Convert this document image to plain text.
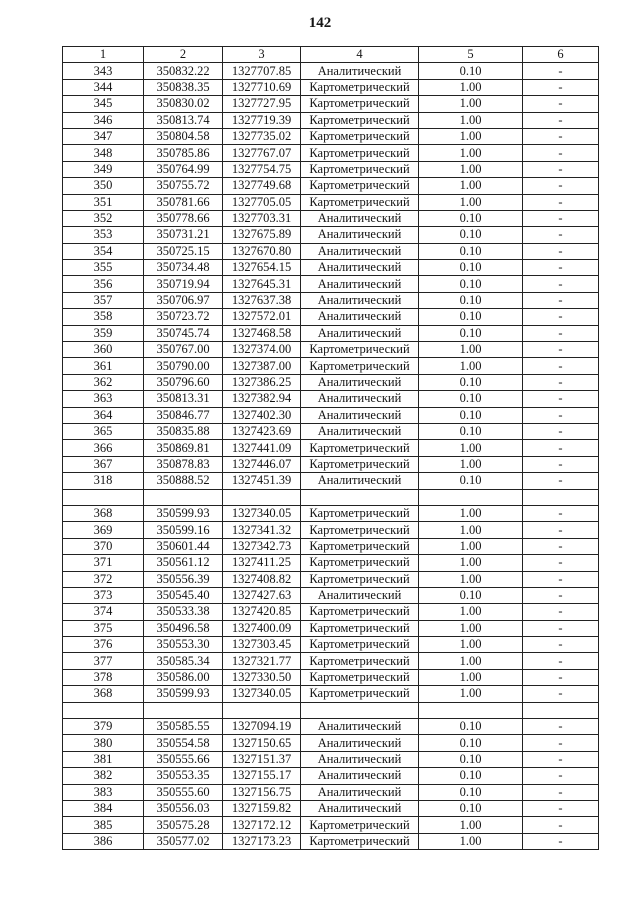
142
1	2	3	4	5	6
343	350832.22	1327707.85	Аналитический	0.10	-
344	350838.35	1327710.69	Картометрический	1.00	-
345	350830.02	1327727.95	Картометрический	1.00	-
346	350813.74	1327719.39	Картометрический	1.00	-
347	350804.58	1327735.02	Картометрический	1.00	-
348	350785.86	1327767.07	Картометрический	1.00	-
349	350764.99	1327754.75	Картометрический	1.00	-
350	350755.72	1327749.68	Картометрический	1.00	-
351	350781.66	1327705.05	Картометрический	1.00	-
352	350778.66	1327703.31	Аналитический	0.10	-
353	350731.21	1327675.89	Аналитический	0.10	-
354	350725.15	1327670.80	Аналитический	0.10	-
355	350734.48	1327654.15	Аналитический	0.10	-
356	350719.94	1327645.31	Аналитический	0.10	-
357	350706.97	1327637.38	Аналитический	0.10	-
358	350723.72	1327572.01	Аналитический	0.10	-
359	350745.74	1327468.58	Аналитический	0.10	-
360	350767.00	1327374.00	Картометрический	1.00	-
361	350790.00	1327387.00	Картометрический	1.00	-
362	350796.60	1327386.25	Аналитический	0.10	-
363	350813.31	1327382.94	Аналитический	0.10	-
364	350846.77	1327402.30	Аналитический	0.10	-
365	350835.88	1327423.69	Аналитический	0.10	-
366	350869.81	1327441.09	Картометрический	1.00	-
367	350878.83	1327446.07	Картометрический	1.00	-
318	350888.52	1327451.39	Аналитический	0.10	-

368	350599.93	1327340.05	Картометрический	1.00	-
369	350599.16	1327341.32	Картометрический	1.00	-
370	350601.44	1327342.73	Картометрический	1.00	-
371	350561.12	1327411.25	Картометрический	1.00	-
372	350556.39	1327408.82	Картометрический	1.00	-
373	350545.40	1327427.63	Аналитический	0.10	-
374	350533.38	1327420.85	Картометрический	1.00	-
375	350496.58	1327400.09	Картометрический	1.00	-
376	350553.30	1327303.45	Картометрический	1.00	-
377	350585.34	1327321.77	Картометрический	1.00	-
378	350586.00	1327330.50	Картометрический	1.00	-
368	350599.93	1327340.05	Картометрический	1.00	-

379	350585.55	1327094.19	Аналитический	0.10	-
380	350554.58	1327150.65	Аналитический	0.10	-
381	350555.66	1327151.37	Аналитический	0.10	-
382	350553.35	1327155.17	Аналитический	0.10	-
383	350555.60	1327156.75	Аналитический	0.10	-
384	350556.03	1327159.82	Аналитический	0.10	-
385	350575.28	1327172.12	Картометрический	1.00	-
386	350577.02	1327173.23	Картометрический	1.00	-
